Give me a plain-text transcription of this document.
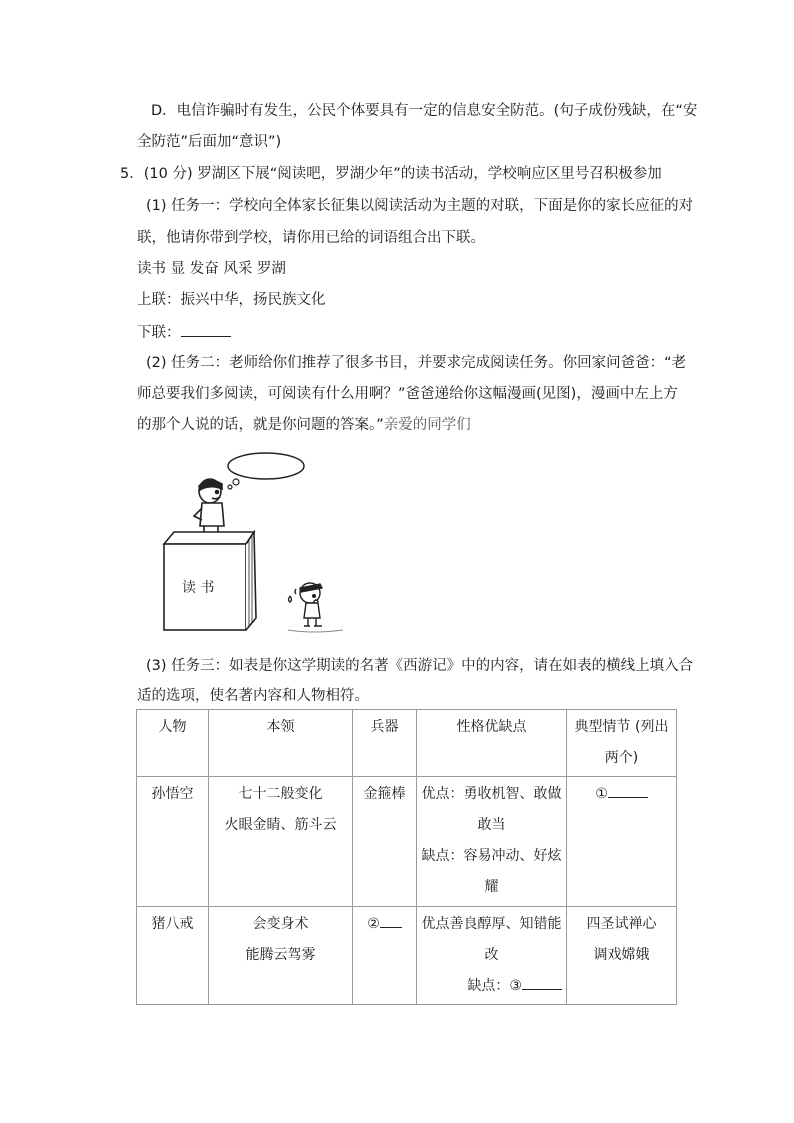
D．电信诈骗时有发生，公民个体要具有一定的信息安全防范。(句子成份残缺，在“安
全防范”后面加“意识”)
5．(10 分) 罗湖区下展“阅读吧，罗湖少年”的读书活动，学校响应区里号召积极参加
(1) 任务一：学校向全体家长征集以阅读活动为主题的对联，下面是你的家长应征的对
联，他请你带到学校，请你用已给的词语组合出下联。
读书 显 发奋 风采 罗湖
上联：振兴中华，扬民族文化
下联：
(2) 任务二：老师给你们推荐了很多书目，并要求完成阅读任务。你回家问爸爸：“老
师总要我们多阅读，可阅读有什么用啊？”爸爸递给你这幅漫画(见图)，漫画中左上方
的那个人说的话，就是你问题的答案。”亲爱的同学们
读 书
(3) 任务三：如表是你这学期读的名著《西游记》中的内容，请在如表的横线上填入合
适的选项，使名著内容和人物相符。
人物	本领	兵器	性格优缺点	典型情节 (列出
两个)

孙悟空	七十二般变化
火眼金睛、筋斗云	金箍棒	优点：勇收机智、敢做
敢当
缺点：容易冲动、好炫
耀	①
猪八戒	会变身术
能腾云驾雾	②	优点善良醇厚、知错能
改
缺点：③	四圣试禅心
调戏嫦娥
